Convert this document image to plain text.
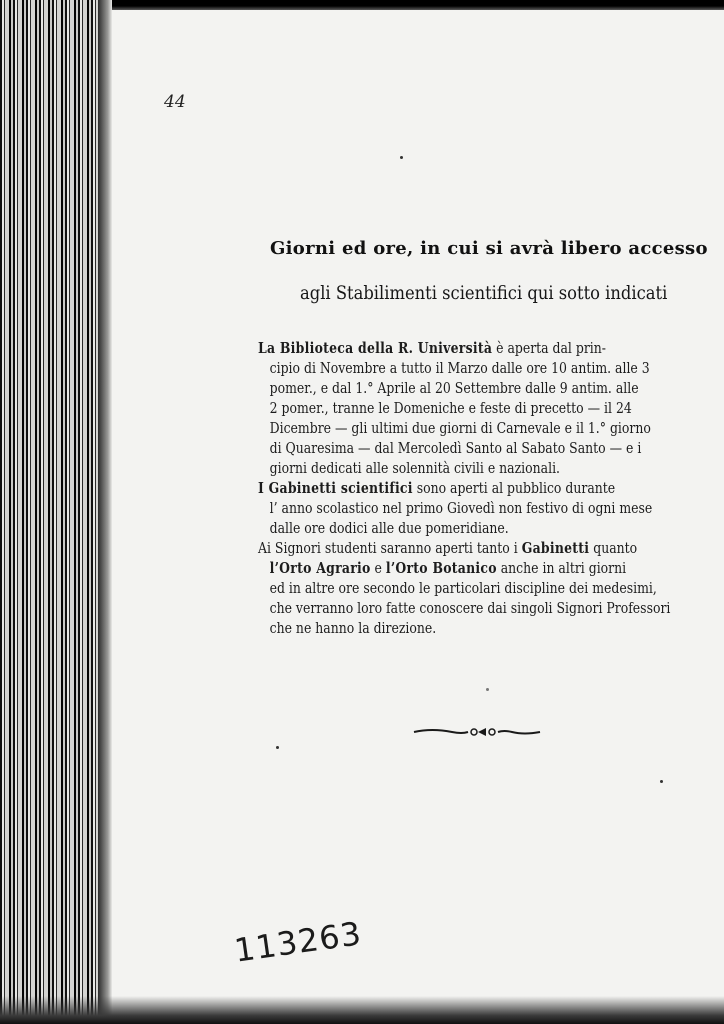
44
Giorni ed ore, in cui si avrà libero accesso
agli Stabilimenti scientifici qui sotto indicati
La Biblioteca della R. Università è aperta dal prin-
cipio di Novembre a tutto il Marzo dalle ore 10 antim. alle 3
pomer., e dal 1.° Aprile al 20 Settembre dalle 9 antim. alle
2 pomer., tranne le Domeniche e feste di precetto — il 24
Dicembre — gli ultimi due giorni di Carnevale e il 1.° giorno
di Quaresima — dal Mercoledì Santo al Sabato Santo — e i
giorni dedicati alle solennità civili e nazionali.
I Gabinetti scientifici sono aperti al pubblico durante
l’ anno scolastico nel primo Giovedì non festivo di ogni mese
dalle ore dodici alle due pomeridiane.
Ai Signori studenti saranno aperti tanto i Gabinetti quanto
l’Orto Agrario e l’Orto Botanico anche in altri giorni
ed in altre ore secondo le particolari discipline dei medesimi,
che verranno loro fatte conoscere dai singoli Signori Professori
che ne hanno la direzione.
113263
